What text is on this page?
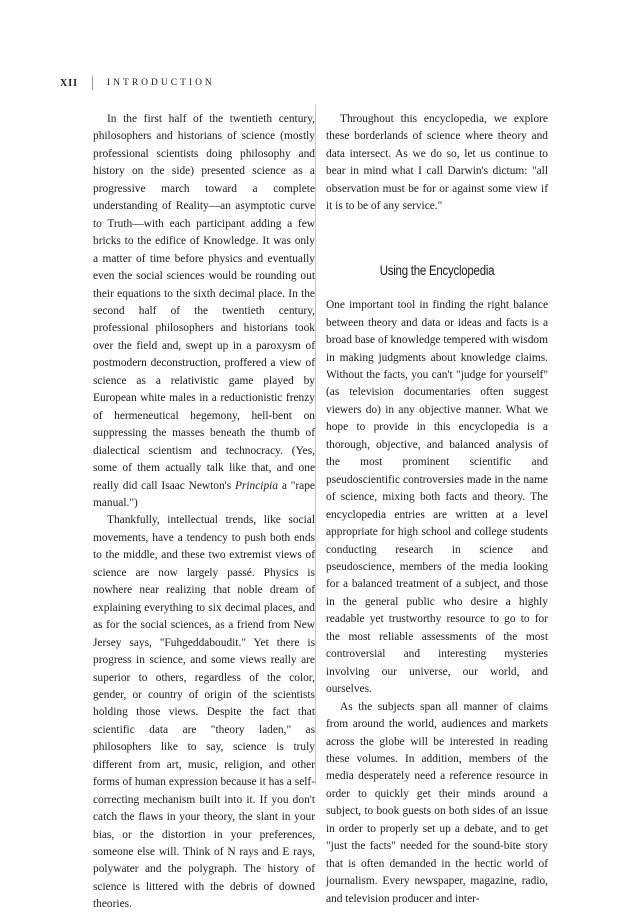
XII	INTRODUCTION

In the first half of the twentieth century, philosophers and historians of science (mostly professional scientists doing philosophy and history on the side) presented science as a progressive march toward a complete understanding of Reality—an asymptotic curve to Truth—with each participant adding a few bricks to the edifice of Knowledge. It was only a matter of time before physics and eventually even the social sciences would be rounding out their equations to the sixth decimal place. In the second half of the twentieth century, professional philosophers and historians took over the field and, swept up in a paroxysm of postmodern deconstruction, proffered a view of science as a relativistic game played by European white males in a reductionistic frenzy of hermeneutical hegemony, hell-bent on suppressing the masses beneath the thumb of dialectical scientism and technocracy. (Yes, some of them actually talk like that, and one really did call Isaac Newton's Principia a "rape manual.")

Thankfully, intellectual trends, like social movements, have a tendency to push both ends to the middle, and these two extremist views of science are now largely passé. Physics is nowhere near realizing that noble dream of explaining everything to six decimal places, and as for the social sciences, as a friend from New Jersey says, "Fuhgeddaboudit." Yet there is progress in science, and some views really are superior to others, regardless of the color, gender, or country of origin of the scientists holding those views. Despite the fact that scientific data are "theory laden," as philosophers like to say, science is truly different from art, music, religion, and other forms of human expression because it has a self-correcting mechanism built into it. If you don't catch the flaws in your theory, the slant in your bias, or the distortion in your preferences, someone else will. Think of N rays and E rays, polywater and the polygraph. The history of science is littered with the debris of downed theories.

Throughout this encyclopedia, we explore these borderlands of science where theory and data intersect. As we do so, let us continue to bear in mind what I call Darwin's dictum: "all observation must be for or against some view if it is to be of any service."

Using the Encyclopedia

One important tool in finding the right balance between theory and data or ideas and facts is a broad base of knowledge tempered with wisdom in making judgments about knowledge claims. Without the facts, you can't "judge for yourself" (as television documentaries often suggest viewers do) in any objective manner. What we hope to provide in this encyclopedia is a thorough, objective, and balanced analysis of the most prominent scientific and pseudoscientific controversies made in the name of science, mixing both facts and theory. The encyclopedia entries are written at a level appropriate for high school and college students conducting research in science and pseudoscience, members of the media looking for a balanced treatment of a subject, and those in the general public who desire a highly readable yet trustworthy resource to go to for the most reliable assessments of the most controversial and interesting mysteries involving our universe, our world, and ourselves.

As the subjects span all manner of claims from around the world, audiences and markets across the globe will be interested in reading these volumes. In addition, members of the media desperately need a reference resource in order to quickly get their minds around a subject, to book guests on both sides of an issue in order to properly set up a debate, and to get "just the facts" needed for the sound-bite story that is often demanded in the hectic world of journalism. Every newspaper, magazine, radio, and television producer and inter-
